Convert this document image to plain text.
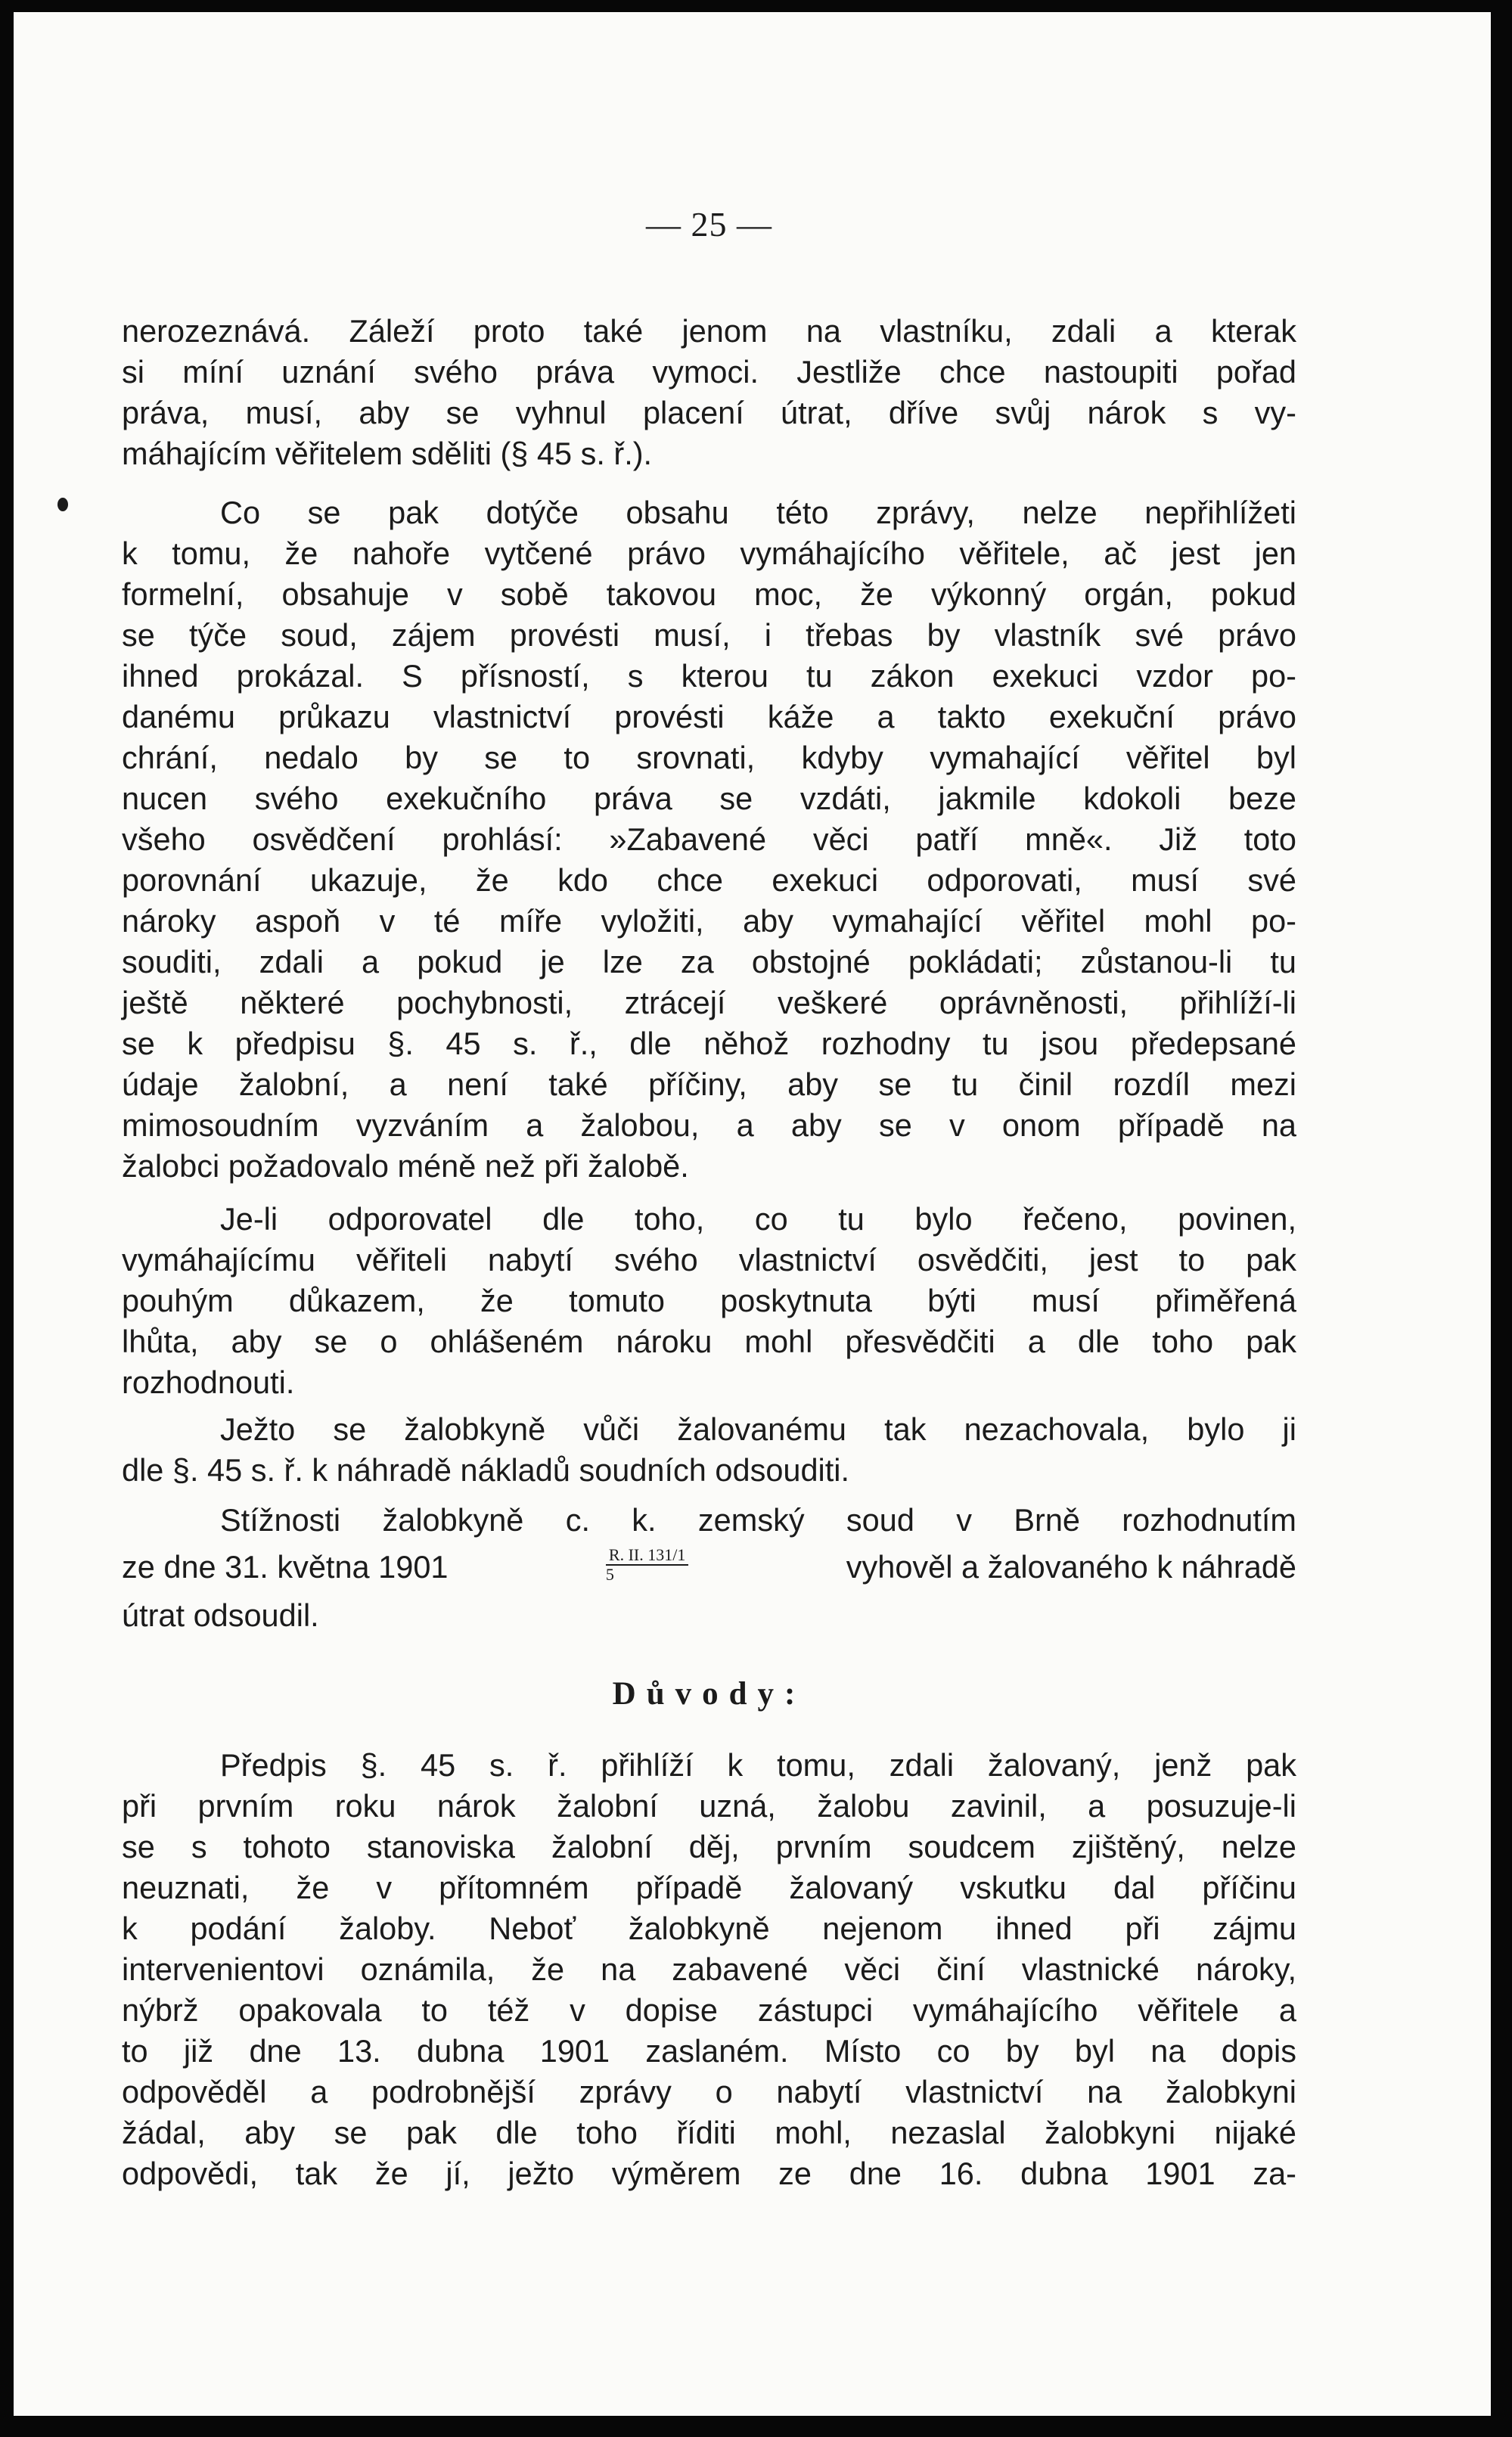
— 25 —
nerozeznává. Záleží proto také jenom na vlastníku, zdali a kterak
si míní uznání svého práva vymoci. Jestliže chce nastoupiti pořad
práva, musí, aby se vyhnul placení útrat, dříve svůj nárok s vy-
máhajícím věřitelem sděliti (§ 45 s. ř.).
Co se pak dotýče obsahu této zprávy, nelze nepřihlížeti
k tomu, že nahoře vytčené právo vymáhajícího věřitele, ač jest jen
formelní, obsahuje v sobě takovou moc, že výkonný orgán, pokud
se týče soud, zájem provésti musí, i třebas by vlastník své právo
ihned prokázal. S přísností, s kterou tu zákon exekuci vzdor po-
danému průkazu vlastnictví provésti káže a takto exekuční právo
chrání, nedalo by se to srovnati, kdyby vymahající věřitel byl
nucen svého exekučního práva se vzdáti, jakmile kdokoli beze
všeho osvědčení prohlásí: »Zabavené věci patří mně«. Již toto
porovnání ukazuje, že kdo chce exekuci odporovati, musí své
nároky aspoň v té míře vyložiti, aby vymahající věřitel mohl po-
souditi, zdali a pokud je lze za obstojné pokládati; zůstanou-li tu
ještě některé pochybnosti, ztrácejí veškeré oprávněnosti, přihlíží-li
se k předpisu §. 45 s. ř., dle něhož rozhodny tu jsou předepsané
údaje žalobní, a není také příčiny, aby se tu činil rozdíl mezi
mimosoudním vyzváním a žalobou, a aby se v onom případě na
žalobci požadovalo méně než při žalobě.
Je-li odporovatel dle toho, co tu bylo řečeno, povinen,
vymáhajícímu věřiteli nabytí svého vlastnictví osvědčiti, jest to pak
pouhým důkazem, že tomuto poskytnuta býti musí přiměřená
lhůta, aby se o ohlášeném nároku mohl přesvědčiti a dle toho pak
rozhodnouti.
Ježto se žalobkyně vůči žalovanému tak nezachovala, bylo ji
dle §. 45 s. ř. k náhradě nákladů soudních odsouditi.
Stížnosti žalobkyně c. k. zemský soud v Brně rozhodnutím
ze dne 31. května 1901	$\frac{R. II. 131/1}{5}$	vyhověl a žalovaného k náhradě
útrat odsoudil.
Důvody:
Předpis §. 45 s. ř. přihlíží k tomu, zdali žalovaný, jenž pak
při prvním roku nárok žalobní uzná, žalobu zavinil, a posuzuje-li
se s tohoto stanoviska žalobní děj, prvním soudcem zjištěný, nelze
neuznati, že v přítomném případě žalovaný vskutku dal příčinu
k podání žaloby. Neboť žalobkyně nejenom ihned při zájmu
intervenientovi oznámila, že na zabavené věci činí vlastnické nároky,
nýbrž opakovala to též v dopise zástupci vymáhajícího věřitele a
to již dne 13. dubna 1901 zaslaném. Místo co by byl na dopis
odpověděl a podrobnější zprávy o nabytí vlastnictví na žalobkyni
žádal, aby se pak dle toho říditi mohl, nezaslal žalobkyni nijaké
odpovědi, tak že jí, ježto výměrem ze dne 16. dubna 1901 za-
